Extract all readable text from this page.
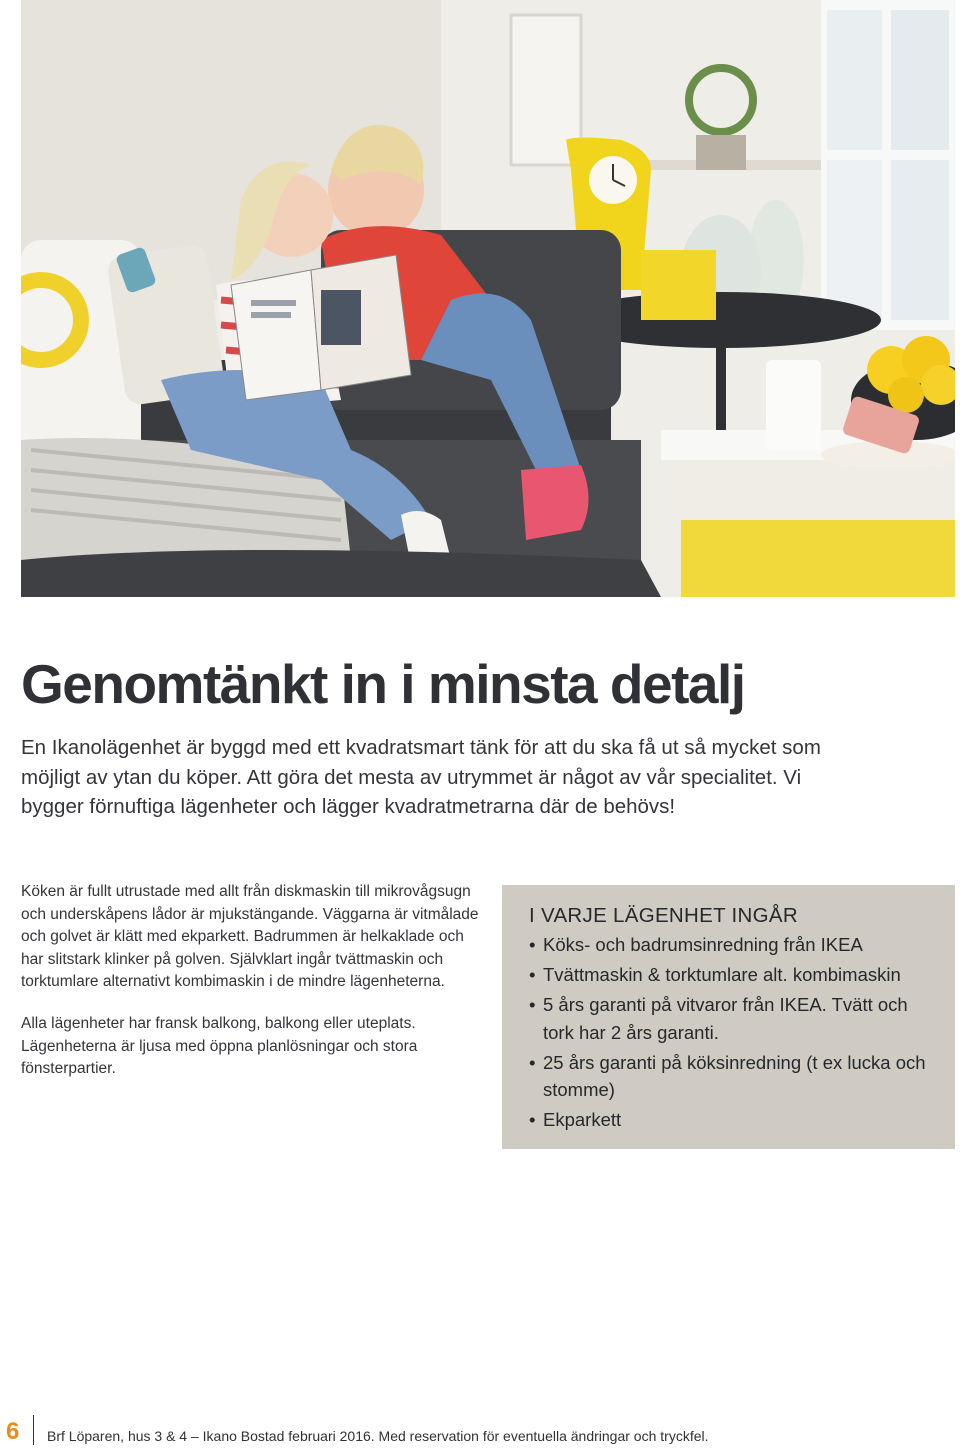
Genomtänkt in i minsta detalj

En Ikanolägenhet är byggd med ett kvadratsmart tänk för att du ska få ut så mycket som möjligt av ytan du köper. Att göra det mesta av utrymmet är något av vår specialitet. Vi bygger förnuftiga lägenheter och lägger kvadratmetrarna där de behövs!

Köken är fullt utrustade med allt från diskmaskin till mikrovågsugn och underskåpens lådor är mjukstängande. Väggarna är vitmålade och golvet är klätt med ekparkett. Badrummen är helkaklade och har slitstark klinker på golven. Självklart ingår tvättmaskin och torktumlare alternativt kombimaskin i de mindre lägenheterna.

Alla lägenheter har fransk balkong, balkong eller uteplats. Lägenheterna är ljusa med öppna planlösningar och stora fönsterpartier.

I VARJE LÄGENHET INGÅR
• Köks- och badrumsinredning från IKEA
• Tvättmaskin & torktumlare alt. kombimaskin
• 5 års garanti på vitvaror från IKEA. Tvätt och tork har 2 års garanti.
• 25 års garanti på köksinredning (t ex lucka och stomme)
• Ekparkett
6 Brf Löparen, hus 3 & 4 – Ikano Bostad februari 2016. Med reservation för eventuella ändringar och tryckfel.
